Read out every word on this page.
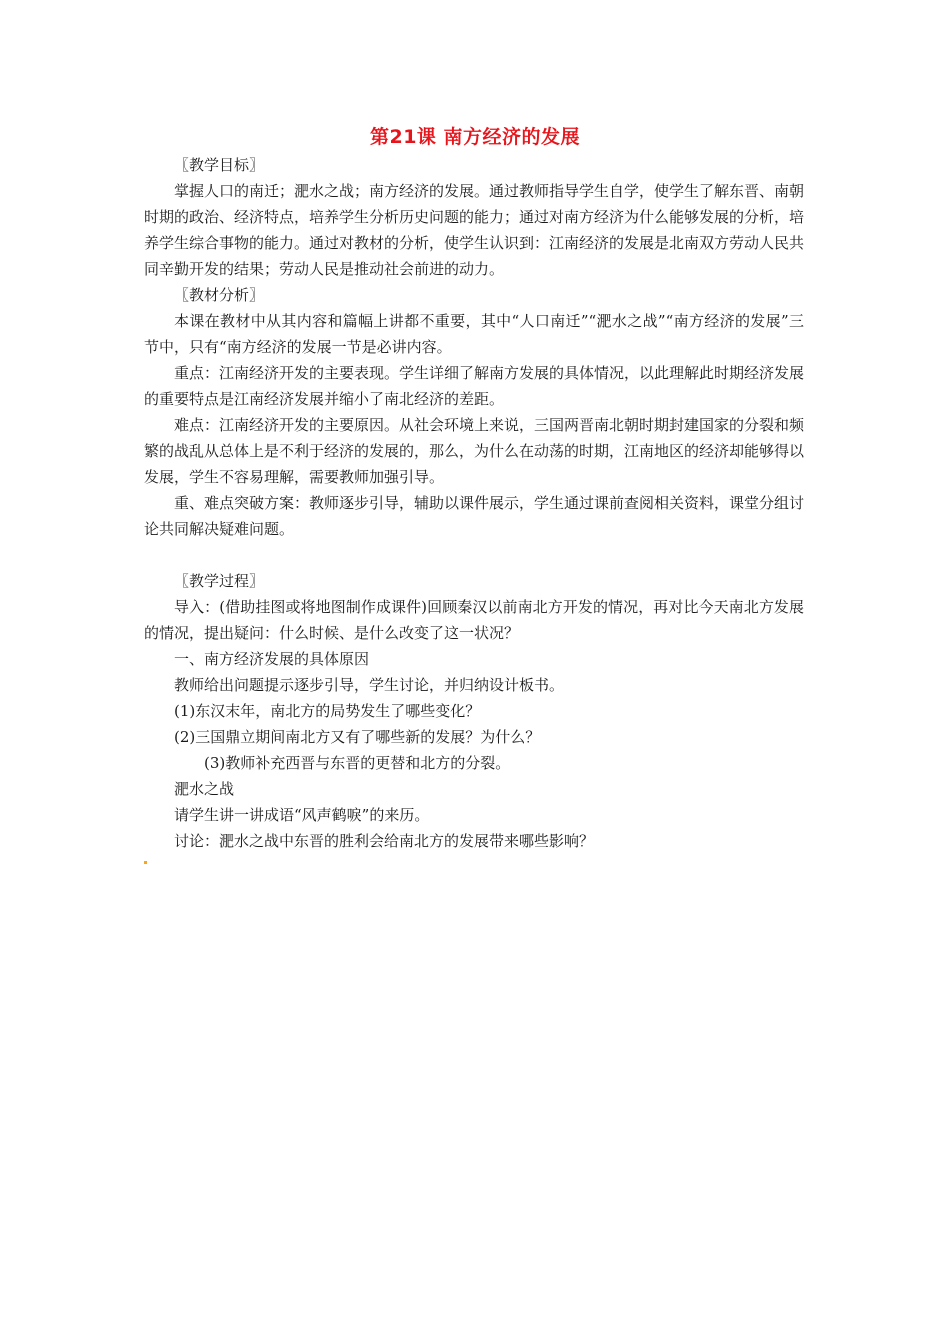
第21课 南方经济的发展

〖教学目标〗

掌握人口的南迁；淝水之战；南方经济的发展。通过教师指导学生自学，使学生了解东晋、南朝时期的政治、经济特点，培养学生分析历史问题的能力；通过对南方经济为什么能够发展的分析，培养学生综合事物的能力。通过对教材的分析，使学生认识到：江南经济的发展是北南双方劳动人民共同辛勤开发的结果；劳动人民是推动社会前进的动力。

〖教材分析〗

本课在教材中从其内容和篇幅上讲都不重要，其中“人口南迁”“淝水之战”“南方经济的发展”三节中，只有“南方经济的发展一节是必讲内容。

重点：江南经济开发的主要表现。学生详细了解南方发展的具体情况，以此理解此时期经济发展的重要特点是江南经济发展并缩小了南北经济的差距。

难点：江南经济开发的主要原因。从社会环境上来说，三国两晋南北朝时期封建国家的分裂和频繁的战乱从总体上是不利于经济的发展的，那么，为什么在动荡的时期，江南地区的经济却能够得以发展，学生不容易理解，需要教师加强引导。

重、难点突破方案：教师逐步引导，辅助以课件展示，学生通过课前查阅相关资料，课堂分组讨论共同解决疑难问题。

〖教学过程〗

导入：(借助挂图或将地图制作成课件)回顾秦汉以前南北方开发的情况，再对比今天南北方发展的情况，提出疑问：什么时候、是什么改变了这一状况？

一、南方经济发展的具体原因

教师给出问题提示逐步引导，学生讨论，并归纳设计板书。

(1)东汉末年，南北方的局势发生了哪些变化？

(2)三国鼎立期间南北方又有了哪些新的发展？为什么？

(3)教师补充西晋与东晋的更替和北方的分裂。

淝水之战

请学生讲一讲成语“风声鹤唳”的来历。

讨论：淝水之战中东晋的胜利会给南北方的发展带来哪些影响？
